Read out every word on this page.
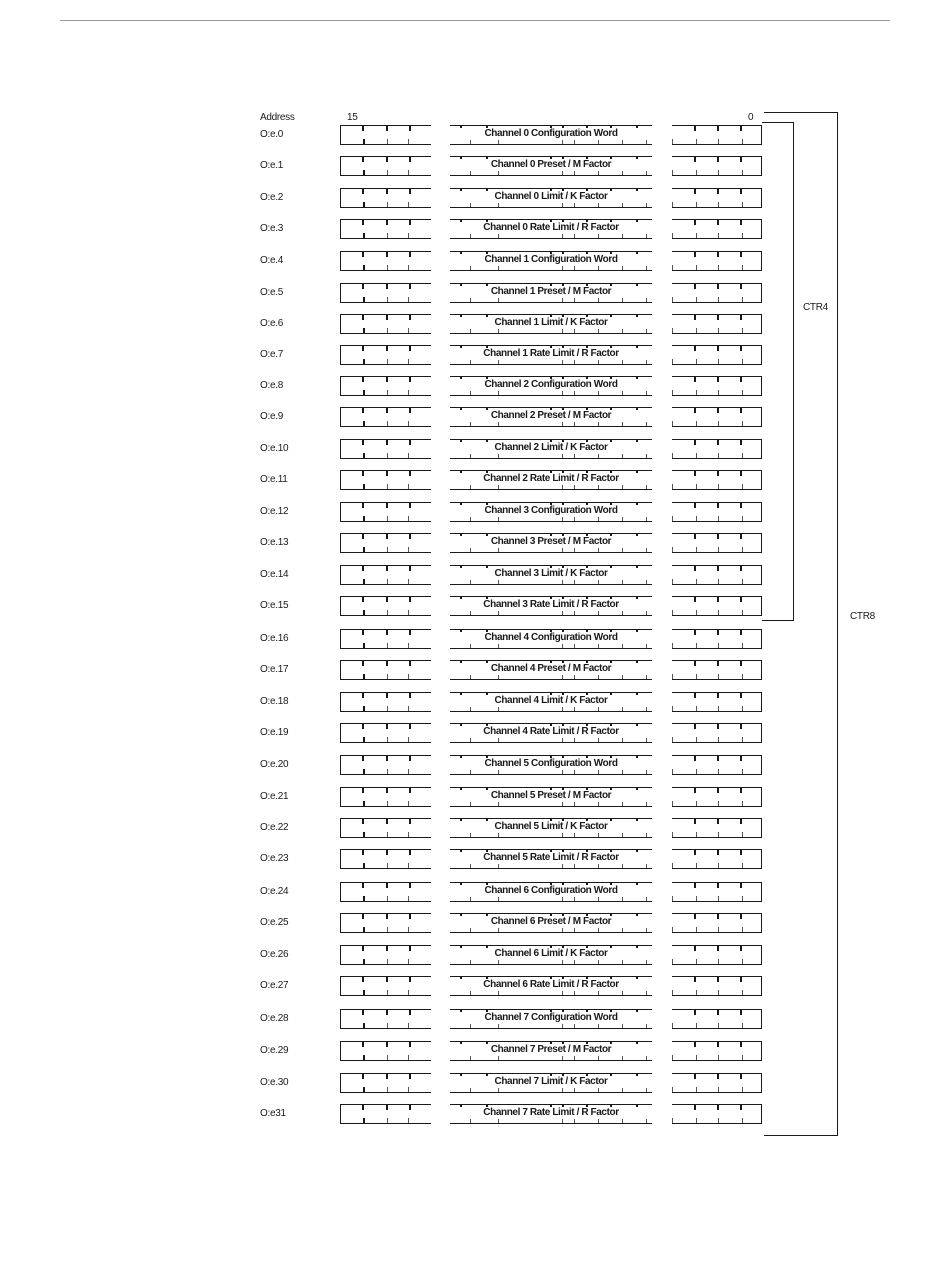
Address	15	0
O:e.0	Channel 0 Configuration Word
O:e.1	Channel 0 Preset / M Factor
O:e.2	Channel 0 Limit / K Factor
O:e.3	Channel 0 Rate Limit / R Factor
O:e.4	Channel 1 Configuration Word
O:e.5	Channel 1 Preset / M Factor
O:e.6	Channel 1 Limit / K Factor
O:e.7	Channel 1 Rate Limit / R Factor
O:e.8	Channel 2 Configuration Word
O:e.9	Channel 2 Preset / M Factor
O:e.10	Channel 2 Limit / K Factor
O:e.11	Channel 2 Rate Limit / R Factor
O:e.12	Channel 3 Configuration Word
O:e.13	Channel 3 Preset / M Factor
O:e.14	Channel 3 Limit / K Factor
O:e.15	Channel 3 Rate Limit / R Factor
O:e.16	Channel 4 Configuration Word
O:e.17	Channel 4 Preset / M Factor
O:e.18	Channel 4 Limit / K Factor
O:e.19	Channel 4 Rate Limit / R Factor
O:e.20	Channel 5 Configuration Word
O:e.21	Channel 5 Preset / M Factor
O:e.22	Channel 5 Limit / K Factor
O:e.23	Channel 5 Rate Limit / R Factor
O:e.24	Channel 6 Configuration Word
O:e.25	Channel 6 Preset / M Factor
O:e.26	Channel 6 Limit / K Factor
O:e.27	Channel 6 Rate Limit / R Factor
O:e.28	Channel 7 Configuration Word
O:e.29	Channel 7 Preset / M Factor
O:e.30	Channel 7 Limit / K Factor
O:e31	Channel 7 Rate Limit / R Factor
CTR4
CTR8
